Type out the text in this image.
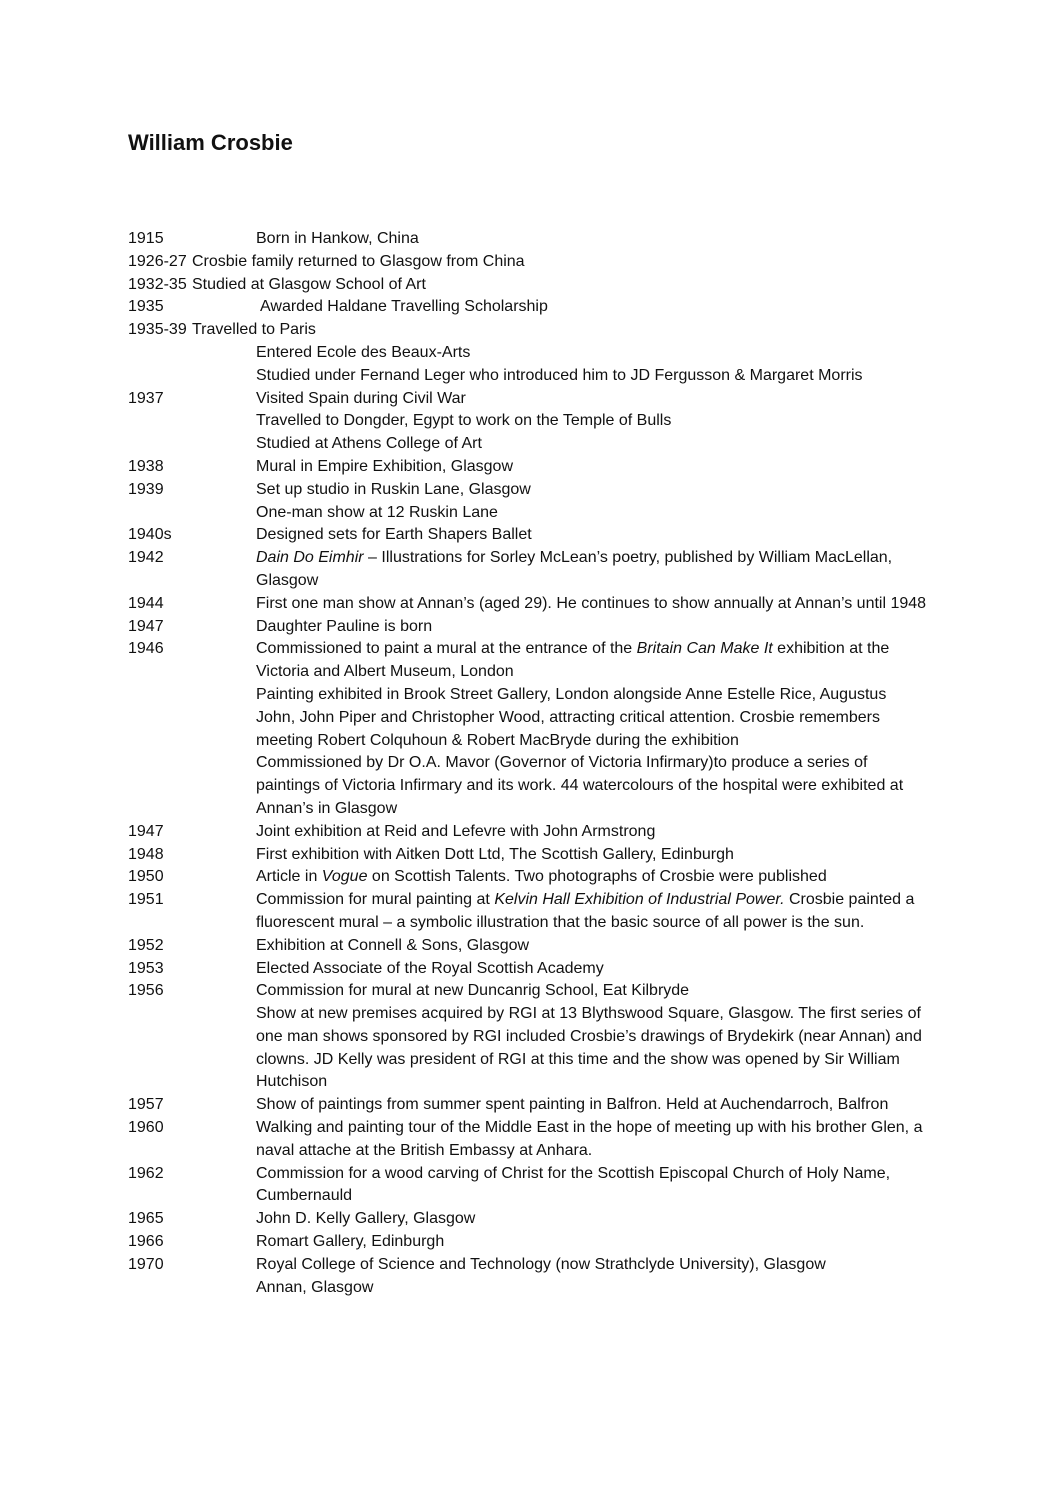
William Crosbie
1915	Born in Hankow, China
1926-27 Crosbie family returned to Glasgow from China
1932-35 Studied at Glasgow School of Art
1935	Awarded Haldane Travelling Scholarship
1935-39 Travelled to Paris
Entered Ecole des Beaux-Arts
Studied under Fernand Leger who introduced him to JD Fergusson & Margaret Morris
1937	Visited Spain during Civil War
Travelled to Dongder, Egypt to work on the Temple of Bulls
Studied at Athens College of Art
1938	Mural in Empire Exhibition, Glasgow
1939	Set up studio in Ruskin Lane, Glasgow
One-man show at 12 Ruskin Lane
1940s	Designed sets for Earth Shapers Ballet
1942	Dain Do Eimhir – Illustrations for Sorley McLean’s poetry, published by William MacLellan, Glasgow
1944	First one man show at Annan’s (aged 29). He continues to show annually at Annan’s until 1948
1947	Daughter Pauline is born
1946	Commissioned to paint a mural at the entrance of the Britain Can Make It exhibition at the Victoria and Albert Museum, London
Painting exhibited in Brook Street Gallery, London alongside Anne Estelle Rice, Augustus John, John Piper and Christopher Wood, attracting critical attention. Crosbie remembers meeting Robert Colquhoun & Robert MacBryde during the exhibition
Commissioned by Dr O.A. Mavor (Governor of Victoria Infirmary)to produce a series of paintings of Victoria Infirmary and its work. 44 watercolours of the hospital were exhibited at Annan’s in Glasgow
1947	Joint exhibition at Reid and Lefevre with John Armstrong
1948	First exhibition with Aitken Dott Ltd, The Scottish Gallery, Edinburgh
1950	Article in Vogue on Scottish Talents. Two photographs of Crosbie were published
1951	Commission for mural painting at Kelvin Hall Exhibition of Industrial Power. Crosbie painted a fluorescent mural – a symbolic illustration that the basic source of all power is the sun.
1952	Exhibition at Connell & Sons, Glasgow
1953	Elected Associate of the Royal Scottish Academy
1956	Commission for mural at new Duncanrig School, Eat Kilbryde
Show at new premises acquired by RGI at 13 Blythswood Square, Glasgow. The first series of one man shows sponsored by RGI included Crosbie’s drawings of Brydekirk (near Annan) and clowns. JD Kelly was president of RGI at this time and the show was opened by Sir William Hutchison
1957	Show of paintings from summer spent painting in Balfron. Held at Auchendarroch, Balfron
1960	Walking and painting tour of the Middle East in the hope of meeting up with his brother Glen, a naval attache at the British Embassy at Anhara.
1962	Commission for a wood carving of Christ for the Scottish Episcopal Church of Holy Name, Cumbernauld
1965	John D. Kelly Gallery, Glasgow
1966	Romart Gallery, Edinburgh
1970	Royal College of Science and Technology (now Strathclyde University), Glasgow
Annan, Glasgow
